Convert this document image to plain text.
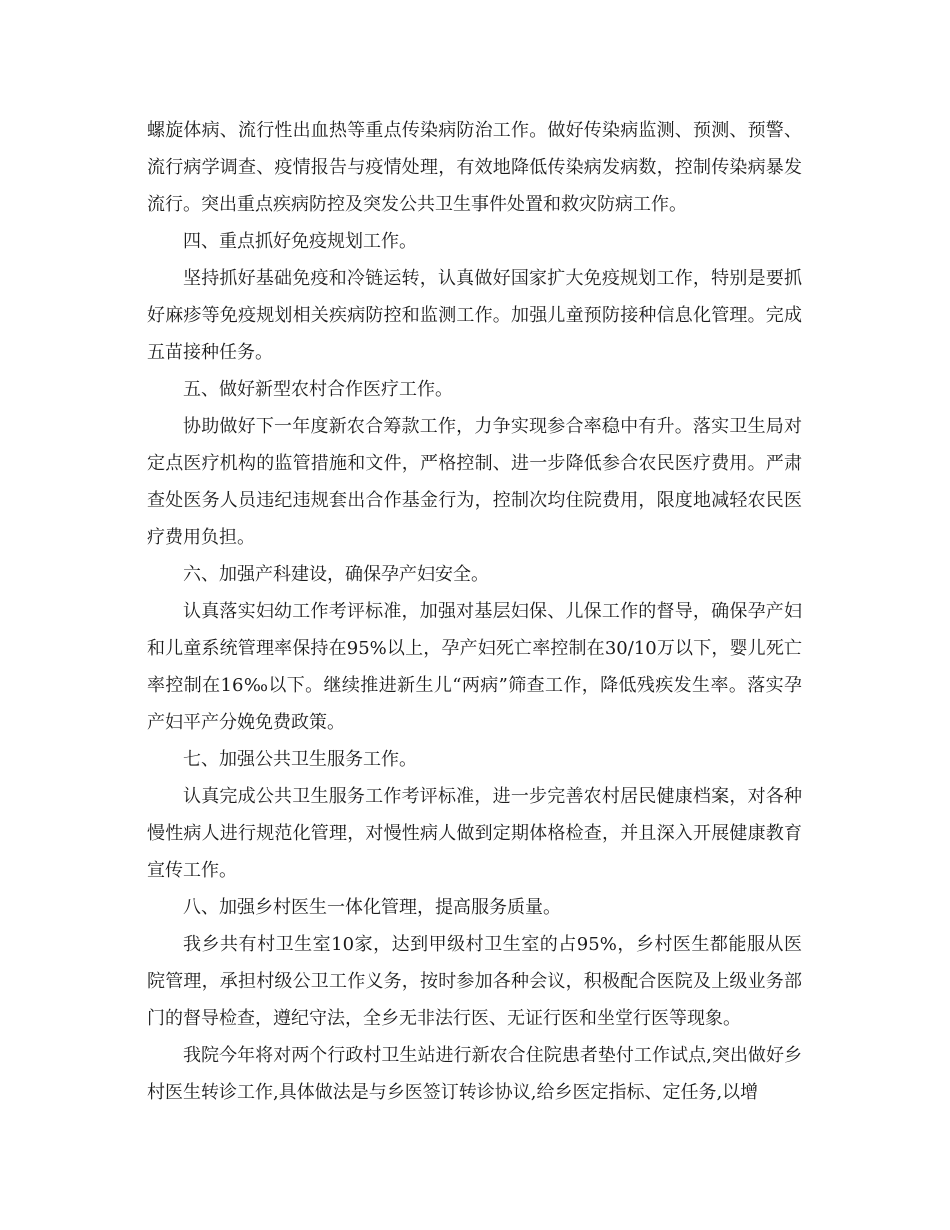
螺旋体病、流行性出血热等重点传染病防治工作。做好传染病监测、预测、预警、流行病学调查、疫情报告与疫情处理，有效地降低传染病发病数，控制传染病暴发流行。突出重点疾病防控及突发公共卫生事件处置和救灾防病工作。

四、重点抓好免疫规划工作。

坚持抓好基础免疫和冷链运转，认真做好国家扩大免疫规划工作，特别是要抓好麻疹等免疫规划相关疾病防控和监测工作。加强儿童预防接种信息化管理。完成五苗接种任务。

五、做好新型农村合作医疗工作。

协助做好下一年度新农合筹款工作，力争实现参合率稳中有升。落实卫生局对定点医疗机构的监管措施和文件，严格控制、进一步降低参合农民医疗费用。严肃查处医务人员违纪违规套出合作基金行为，控制次均住院费用，限度地减轻农民医疗费用负担。

六、加强产科建设，确保孕产妇安全。

认真落实妇幼工作考评标准，加强对基层妇保、儿保工作的督导，确保孕产妇和儿童系统管理率保持在95%以上，孕产妇死亡率控制在30/10万以下，婴儿死亡率控制在16‰以下。继续推进新生儿“两病”筛查工作，降低残疾发生率。落实孕产妇平产分娩免费政策。

七、加强公共卫生服务工作。

认真完成公共卫生服务工作考评标准，进一步完善农村居民健康档案，对各种慢性病人进行规范化管理，对慢性病人做到定期体格检查，并且深入开展健康教育宣传工作。

八、加强乡村医生一体化管理，提高服务质量。

我乡共有村卫生室10家，达到甲级村卫生室的占95%，乡村医生都能服从医院管理，承担村级公卫工作义务，按时参加各种会议，积极配合医院及上级业务部门的督导检查，遵纪守法，全乡无非法行医、无证行医和坐堂行医等现象。

我院今年将对两个行政村卫生站进行新农合住院患者垫付工作试点,突出做好乡村医生转诊工作,具体做法是与乡医签订转诊协议,给乡医定指标、定任务,以增
